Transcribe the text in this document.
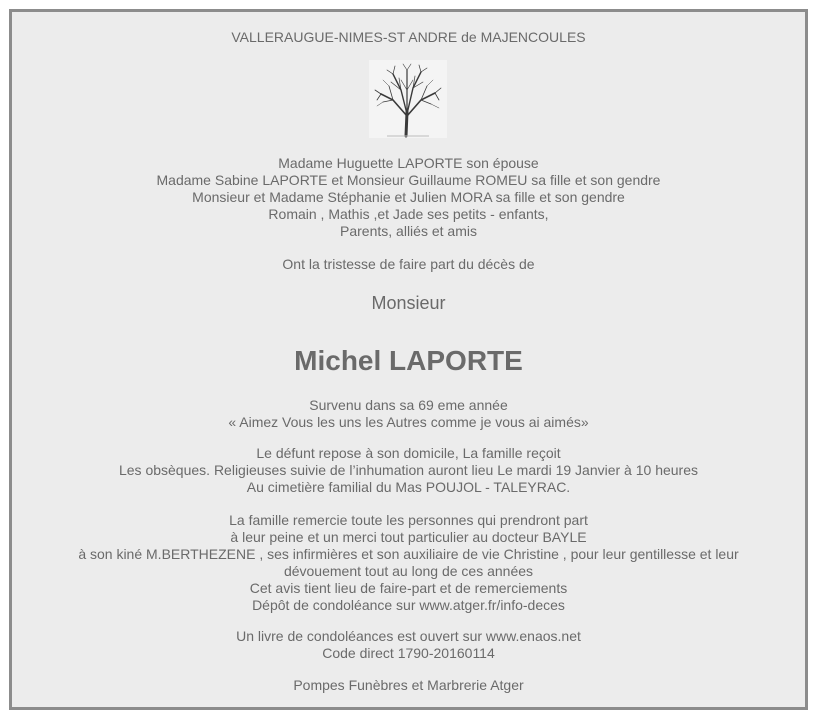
VALLERAUGUE-NIMES-ST ANDRE de MAJENCOULES
Madame Huguette LAPORTE son épouse
Madame Sabine LAPORTE et Monsieur Guillaume ROMEU sa fille et son gendre
Monsieur et Madame Stéphanie et Julien MORA sa fille et son gendre
Romain , Mathis ,et Jade ses petits - enfants,
Parents, alliés et amis
Ont la tristesse de faire part du décès de
Monsieur
Michel LAPORTE
Survenu dans sa 69 eme année
« Aimez Vous les uns les Autres comme je vous ai aimés»
Le défunt repose à son domicile, La famille reçoit
Les obsèques. Religieuses suivie de l’inhumation auront lieu Le mardi 19 Janvier à 10 heures
Au cimetière familial du Mas POUJOL - TALEYRAC.
La famille remercie toute les personnes qui prendront part
à leur peine et un merci tout particulier au docteur BAYLE
à son kiné M.BERTHEZENE , ses infirmières et son auxiliaire de vie Christine , pour leur gentillesse et leur
dévouement tout au long de ces années
Cet avis tient lieu de faire-part et de remerciements
Dépôt de condoléance sur www.atger.fr/info-deces
Un livre de condoléances est ouvert sur www.enaos.net
Code direct 1790-20160114
Pompes Funèbres et Marbrerie Atger
